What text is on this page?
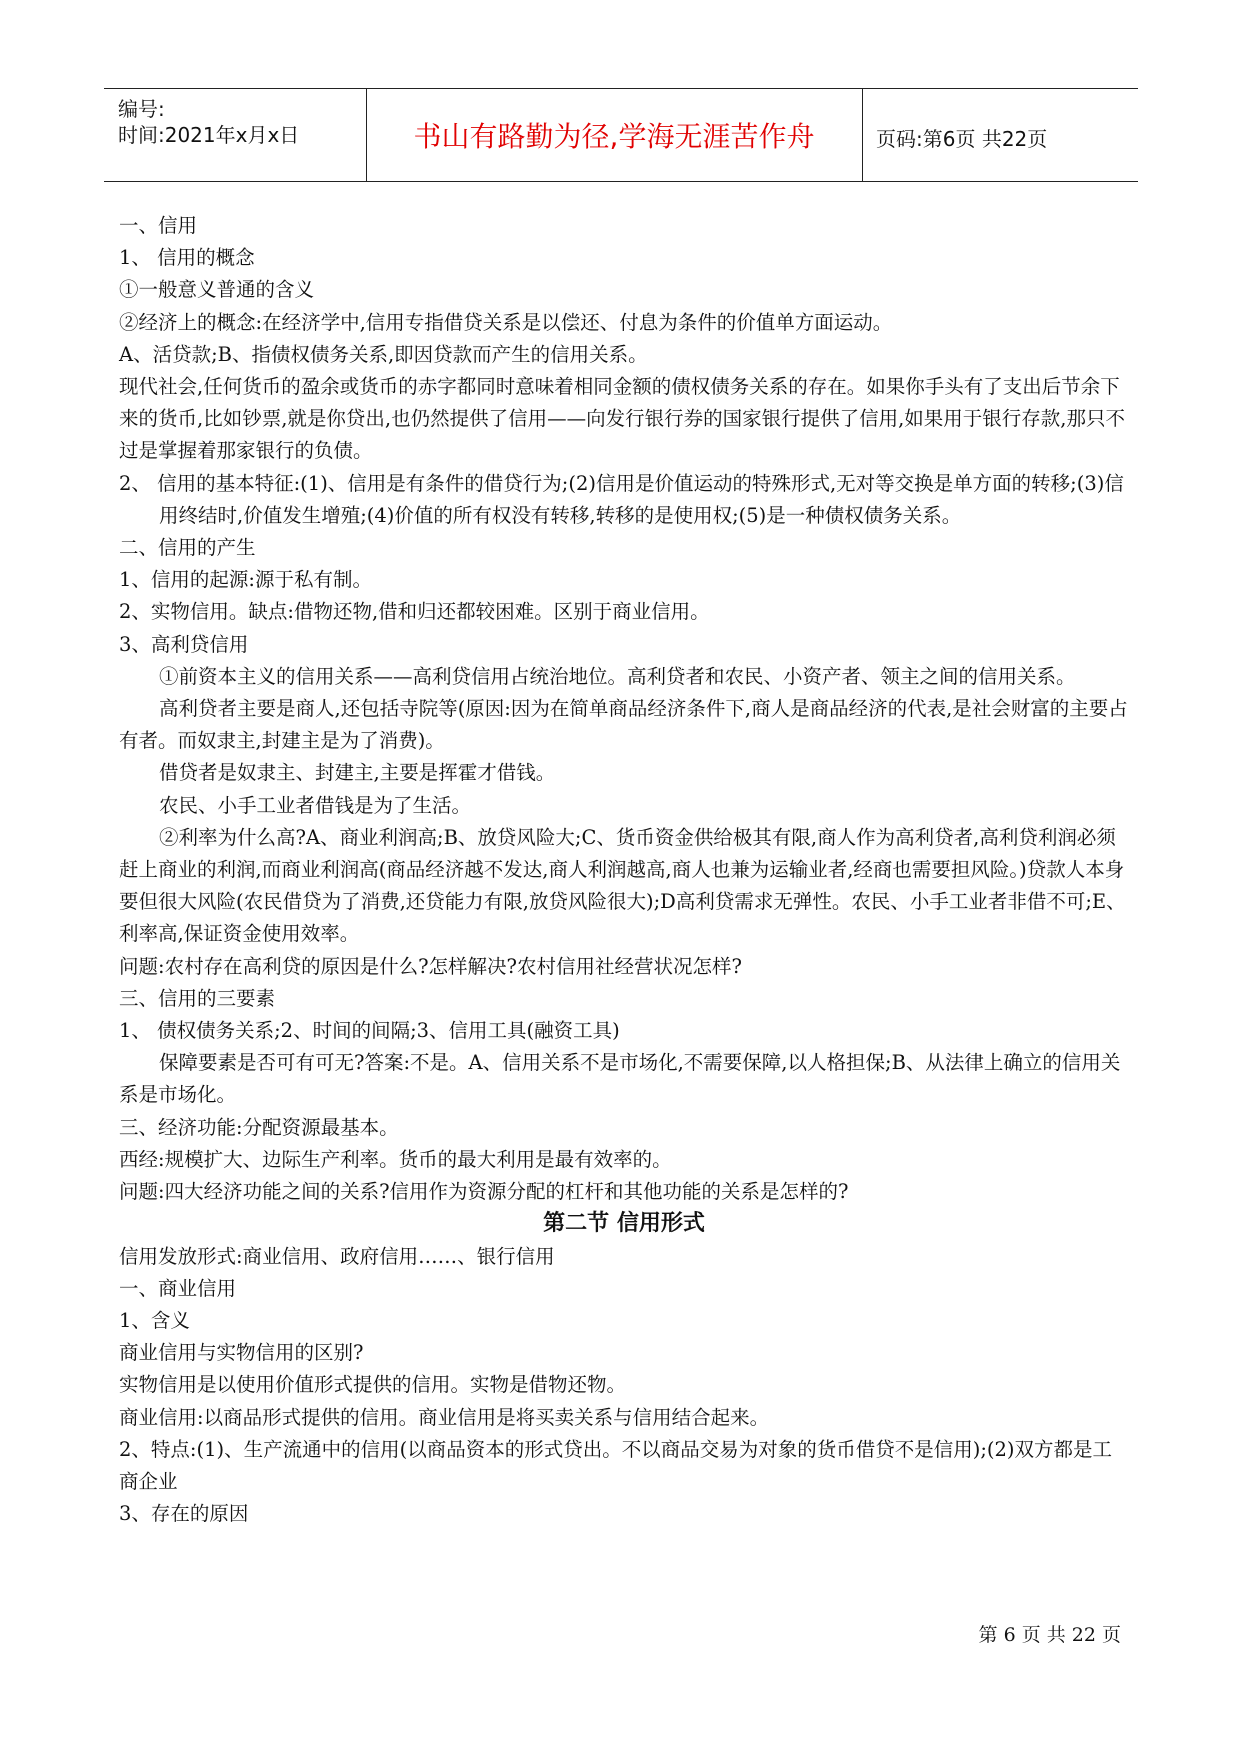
编号:
时间:2021年x月x日	书山有路勤为径,学海无涯苦作舟	页码:第6页 共22页

一、信用

1、 信用的概念

①一般意义普通的含义

②经济上的概念:在经济学中,信用专指借贷关系是以偿还、付息为条件的价值单方面运动。

A、活贷款;B、指债权债务关系,即因贷款而产生的信用关系。

现代社会,任何货币的盈余或货币的赤字都同时意味着相同金额的债权债务关系的存在。如果你手头有了支出后节余下来的货币,比如钞票,就是你贷出,也仍然提供了信用——向发行银行券的国家银行提供了信用,如果用于银行存款,那只不过是掌握着那家银行的负债。

2、 信用的基本特征:(1)、信用是有条件的借贷行为;(2)信用是价值运动的特殊形式,无对等交换是单方面的转移;(3)信用终结时,价值发生增殖;(4)价值的所有权没有转移,转移的是使用权;(5)是一种债权债务关系。

二、信用的产生

1、信用的起源:源于私有制。

2、实物信用。缺点:借物还物,借和归还都较困难。区别于商业信用。

3、高利贷信用

①前资本主义的信用关系——高利贷信用占统治地位。高利贷者和农民、小资产者、领主之间的信用关系。

高利贷者主要是商人,还包括寺院等(原因:因为在简单商品经济条件下,商人是商品经济的代表,是社会财富的主要占有者。而奴隶主,封建主是为了消费)。

借贷者是奴隶主、封建主,主要是挥霍才借钱。

农民、小手工业者借钱是为了生活。

②利率为什么高?A、商业利润高;B、放贷风险大;C、货币资金供给极其有限,商人作为高利贷者,高利贷利润必须赶上商业的利润,而商业利润高(商品经济越不发达,商人利润越高,商人也兼为运输业者,经商也需要担风险。)贷款人本身要但很大风险(农民借贷为了消费,还贷能力有限,放贷风险很大);D高利贷需求无弹性。农民、小手工业者非借不可;E、利率高,保证资金使用效率。

问题:农村存在高利贷的原因是什么?怎样解决?农村信用社经营状况怎样?

三、信用的三要素

1、 债权债务关系;2、时间的间隔;3、信用工具(融资工具)

保障要素是否可有可无?答案:不是。A、信用关系不是市场化,不需要保障,以人格担保;B、从法律上确立的信用关系是市场化。

三、经济功能:分配资源最基本。

西经:规模扩大、边际生产利率。货币的最大利用是最有效率的。

问题:四大经济功能之间的关系?信用作为资源分配的杠杆和其他功能的关系是怎样的?

第二节 信用形式

信用发放形式:商业信用、政府信用……、银行信用

一、商业信用

1、含义

商业信用与实物信用的区别?

实物信用是以使用价值形式提供的信用。实物是借物还物。

商业信用:以商品形式提供的信用。商业信用是将买卖关系与信用结合起来。

2、特点:(1)、生产流通中的信用(以商品资本的形式贷出。不以商品交易为对象的货币借贷不是信用);(2)双方都是工商企业

3、存在的原因

第 6 页 共 22 页
